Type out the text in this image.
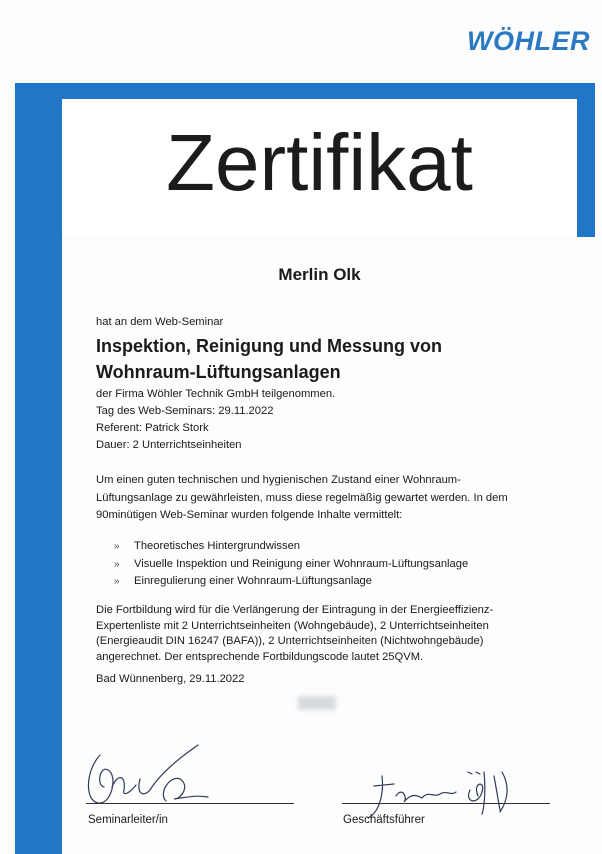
WÖHLER
Zertifikat
Merlin Olk
hat an dem Web-Seminar
Inspektion, Reinigung und Messung von
Wohnraum-Lüftungsanlagen
der Firma Wöhler Technik GmbH teilgenommen.
Tag des Web-Seminars: 29.11.2022
Referent: Patrick Stork
Dauer: 2 Unterrichtseinheiten
Um einen guten technischen und hygienischen Zustand einer Wohnraum-Lüftungsanlage zu gewährleisten, muss diese regelmäßig gewartet werden. In dem 90minütigen Web-Seminar wurden folgende Inhalte vermittelt:
»	Theoretisches Hintergrundwissen
»	Visuelle Inspektion und Reinigung einer Wohnraum-Lüftungsanlage
»	Einregulierung einer Wohnraum-Lüftungsanlage
Die Fortbildung wird für die Verlängerung der Eintragung in der Energieeffizienz-
Expertenliste mit 2 Unterrichtseinheiten (Wohngebäude), 2 Unterrichtseinheiten
(Energieaudit DIN 16247 (BAFA)), 2 Unterrichtseinheiten (Nichtwohngebäude)
angerechnet. Der entsprechende Fortbildungscode lautet 25QVM.
Bad Wünnenberg, 29.11.2022
Seminarleiter/in	Geschäftsführer
